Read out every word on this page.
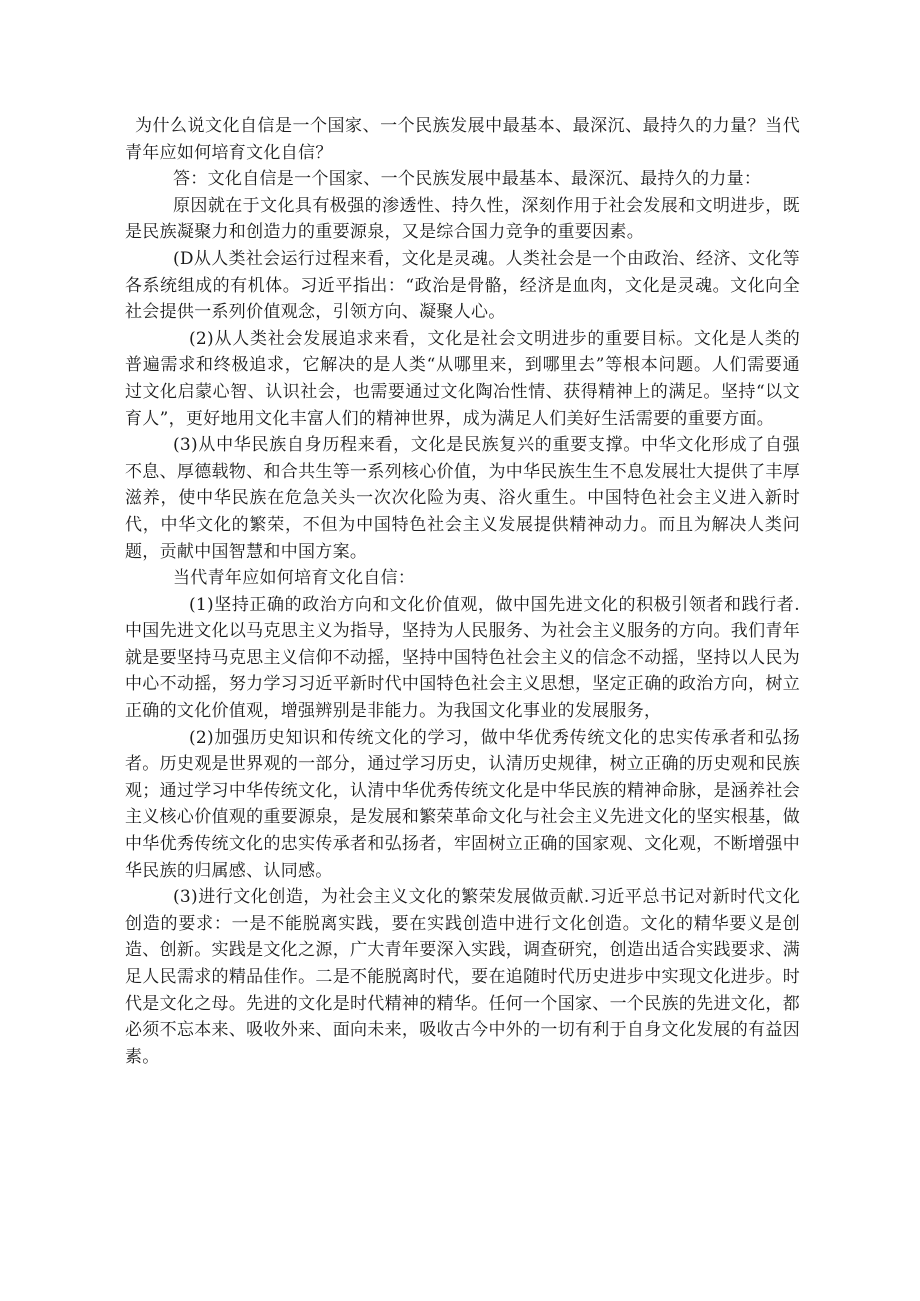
为什么说文化自信是一个国家、一个民族发展中最基本、最深沉、最持久的力量？当代青年应如何培育文化自信？

答：文化自信是一个国家、一个民族发展中最基本、最深沉、最持久的力量：

原因就在于文化具有极强的渗透性、持久性，深刻作用于社会发展和文明进步，既是民族凝聚力和创造力的重要源泉，又是综合国力竞争的重要因素。

(D从人类社会运行过程来看，文化是灵魂。人类社会是一个由政治、经济、文化等各系统组成的有机体。习近平指出：“政治是骨骼，经济是血肉，文化是灵魂。文化向全社会提供一系列价值观念，引领方向、凝聚人心。

(2)从人类社会发展追求来看，文化是社会文明进步的重要目标。文化是人类的普遍需求和终极追求，它解决的是人类“从哪里来，到哪里去”等根本问题。人们需要通过文化启蒙心智、认识社会，也需要通过文化陶冶性情、获得精神上的满足。坚持“以文育人”，更好地用文化丰富人们的精神世界，成为满足人们美好生活需要的重要方面。

(3)从中华民族自身历程来看，文化是民族复兴的重要支撑。中华文化形成了自强不息、厚德载物、和合共生等一系列核心价值，为中华民族生生不息发展壮大提供了丰厚滋养，使中华民族在危急关头一次次化险为夷、浴火重生。中国特色社会主义进入新时代，中华文化的繁荣，不但为中国特色社会主义发展提供精神动力。而且为解决人类问题，贡献中国智慧和中国方案。

当代青年应如何培育文化自信：

(1)坚持正确的政治方向和文化价值观，做中国先进文化的积极引领者和践行者.中国先进文化以马克思主义为指导，坚持为人民服务、为社会主义服务的方向。我们青年就是要坚持马克思主义信仰不动摇，坚持中国特色社会主义的信念不动摇，坚持以人民为中心不动摇，努力学习习近平新时代中国特色社会主义思想，坚定正确的政治方向，树立正确的文化价值观，增强辨别是非能力。为我国文化事业的发展服务，

(2)加强历史知识和传统文化的学习，做中华优秀传统文化的忠实传承者和弘扬者。历史观是世界观的一部分，通过学习历史，认清历史规律，树立正确的历史观和民族观；通过学习中华传统文化，认清中华优秀传统文化是中华民族的精神命脉，是涵养社会主义核心价值观的重要源泉，是发展和繁荣革命文化与社会主义先进文化的坚实根基，做中华优秀传统文化的忠实传承者和弘扬者，牢固树立正确的国家观、文化观，不断增强中华民族的归属感、认同感。

(3)进行文化创造，为社会主义文化的繁荣发展做贡献.习近平总书记对新时代文化创造的要求：一是不能脱离实践，要在实践创造中进行文化创造。文化的精华要义是创造、创新。实践是文化之源，广大青年要深入实践，调查研究，创造出适合实践要求、满足人民需求的精品佳作。二是不能脱离时代，要在追随时代历史进步中实现文化进步。时代是文化之母。先进的文化是时代精神的精华。任何一个国家、一个民族的先进文化，都必须不忘本来、吸收外来、面向未来，吸收古今中外的一切有利于自身文化发展的有益因素。
